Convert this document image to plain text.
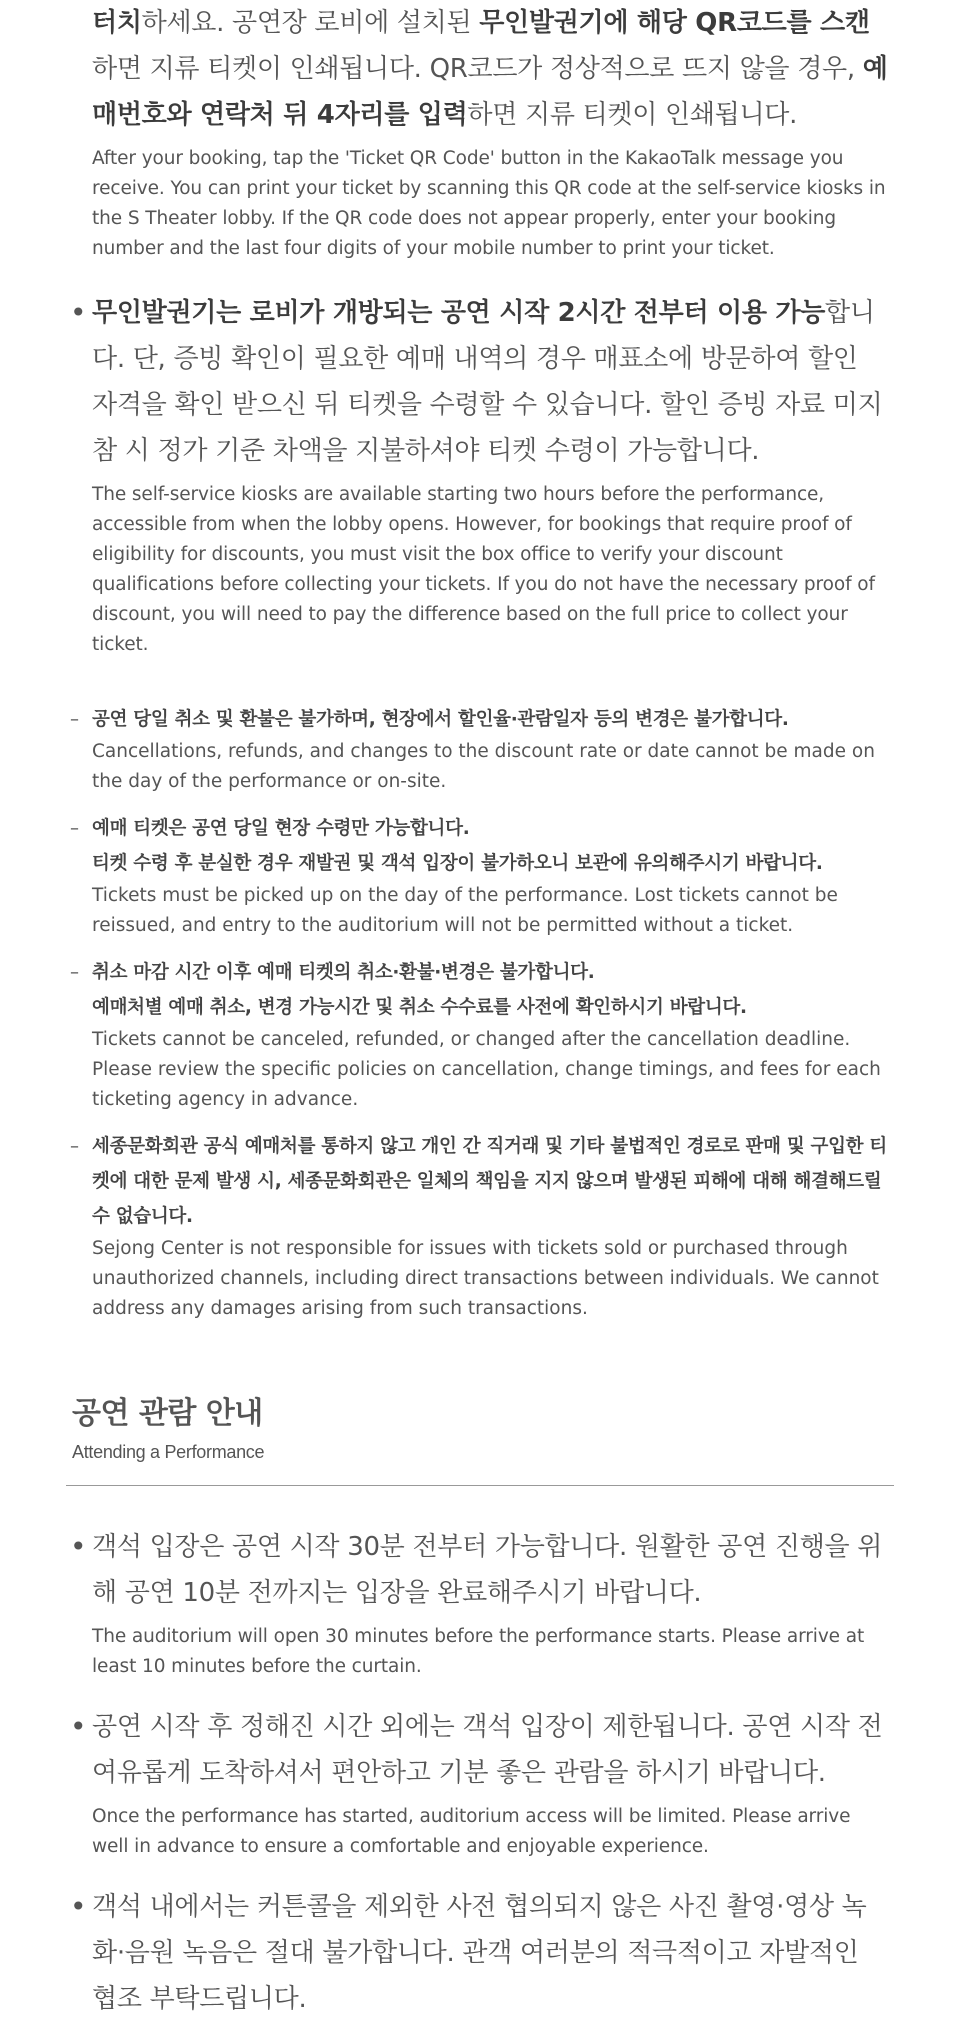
터치하세요. 공연장 로비에 설치된 무인발권기에 해당 QR코드를 스캔하면 지류 티켓이 인쇄됩니다. QR코드가 정상적으로 뜨지 않을 경우, 예매번호와 연락처 뒤 4자리를 입력하면 지류 티켓이 인쇄됩니다.
After your booking, tap the 'Ticket QR Code' button in the KakaoTalk message you receive. You can print your ticket by scanning this QR code at the self-service kiosks in the S Theater lobby. If the QR code does not appear properly, enter your booking number and the last four digits of your mobile number to print your ticket.
• 무인발권기는 로비가 개방되는 공연 시작 2시간 전부터 이용 가능합니다. 단, 증빙 확인이 필요한 예매 내역의 경우 매표소에 방문하여 할인 자격을 확인 받으신 뒤 티켓을 수령할 수 있습니다. 할인 증빙 자료 미지참 시 정가 기준 차액을 지불하셔야 티켓 수령이 가능합니다.
The self-service kiosks are available starting two hours before the performance, accessible from when the lobby opens. However, for bookings that require proof of eligibility for discounts, you must visit the box office to verify your discount qualifications before collecting your tickets. If you do not have the necessary proof of discount, you will need to pay the difference based on the full price to collect your ticket.
– 공연 당일 취소 및 환불은 불가하며, 현장에서 할인율·관람일자 등의 변경은 불가합니다.
Cancellations, refunds, and changes to the discount rate or date cannot be made on the day of the performance or on-site.
– 예매 티켓은 공연 당일 현장 수령만 가능합니다.
티켓 수령 후 분실한 경우 재발권 및 객석 입장이 불가하오니 보관에 유의해주시기 바랍니다.
Tickets must be picked up on the day of the performance. Lost tickets cannot be reissued, and entry to the auditorium will not be permitted without a ticket.
– 취소 마감 시간 이후 예매 티켓의 취소·환불·변경은 불가합니다.
예매처별 예매 취소, 변경 가능시간 및 취소 수수료를 사전에 확인하시기 바랍니다.
Tickets cannot be canceled, refunded, or changed after the cancellation deadline. Please review the specific policies on cancellation, change timings, and fees for each ticketing agency in advance.
– 세종문화회관 공식 예매처를 통하지 않고 개인 간 직거래 및 기타 불법적인 경로로 판매 및 구입한 티켓에 대한 문제 발생 시, 세종문화회관은 일체의 책임을 지지 않으며 발생된 피해에 대해 해결해드릴 수 없습니다.
Sejong Center is not responsible for issues with tickets sold or purchased through unauthorized channels, including direct transactions between individuals. We cannot address any damages arising from such transactions.
공연 관람 안내
Attending a Performance
• 객석 입장은 공연 시작 30분 전부터 가능합니다. 원활한 공연 진행을 위해 공연 10분 전까지는 입장을 완료해주시기 바랍니다.
The auditorium will open 30 minutes before the performance starts. Please arrive at least 10 minutes before the curtain.
• 공연 시작 후 정해진 시간 외에는 객석 입장이 제한됩니다. 공연 시작 전 여유롭게 도착하셔서 편안하고 기분 좋은 관람을 하시기 바랍니다.
Once the performance has started, auditorium access will be limited. Please arrive well in advance to ensure a comfortable and enjoyable experience.
• 객석 내에서는 커튼콜을 제외한 사전 협의되지 않은 사진 촬영·영상 녹화·음원 녹음은 절대 불가합니다. 관객 여러분의 적극적이고 자발적인 협조 부탁드립니다.
